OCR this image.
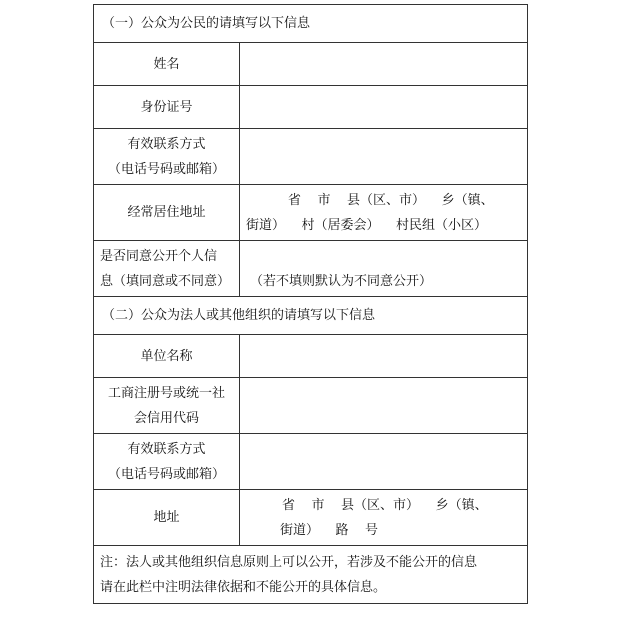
（一）公众为公民的请填写以下信息	
姓名	
身份证号	

有效联系方式
（电话号码或邮箱）	

经常居住地址	省    市    县（区、市）    乡（镇、
街道）    村（居委会）    村民组（小区）

是否同意公开个人信
息（填同意或不同意）	（若不填则默认为不同意公开）

（二）公众为法人或其他组织的请填写以下信息	
单位名称	

工商注册号或统一社
会信用代码	

有效联系方式
（电话号码或邮箱）	

地址	省    市    县（区、市）    乡（镇、
街道）    路    号

注：法人或其他组织信息原则上可以公开，若涉及不能公开的信息
请在此栏中注明法律依据和不能公开的具体信息。	
